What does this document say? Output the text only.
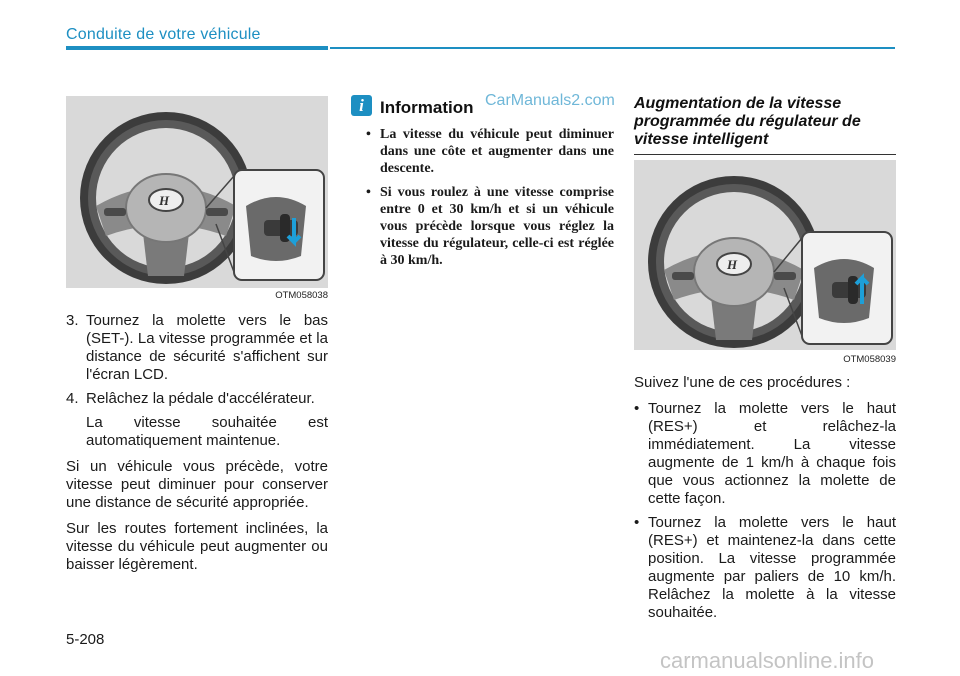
Conduite de votre véhicule
H
OTM058038
3. Tournez la molette vers le bas (SET-). La vitesse programmée et la distance de sécurité s'affichent sur l'écran LCD.
4. Relâchez la pédale d'accélérateur.
La vitesse souhaitée est automatiquement maintenue.

Si un véhicule vous précède, votre vitesse peut diminuer pour conserver une distance de sécurité appropriée.

Sur les routes fortement inclinées, la vitesse du véhicule peut augmenter ou baisser légèrement.

i Information CarManuals2.com
• La vitesse du véhicule peut diminuer dans une côte et augmenter dans une descente.
• Si vous roulez à une vitesse comprise entre 0 et 30 km/h et si un véhicule vous précède lorsque vous réglez la vitesse du régulateur, celle-ci est réglée à 30 km/h.
Augmentation de la vitesse programmée du régulateur de vitesse intelligent
H
OTM058039

Suivez l'une de ces procédures :

• Tournez la molette vers le haut (RES+) et relâchez-la immédiatement. La vitesse augmente de 1 km/h à chaque fois que vous actionnez la molette de cette façon.
• Tournez la molette vers le haut (RES+) et maintenez-la dans cette position. La vitesse programmée augmente par paliers de 10 km/h. Relâchez la molette à la vitesse souhaitée.
5-208
carmanualsonline.info
